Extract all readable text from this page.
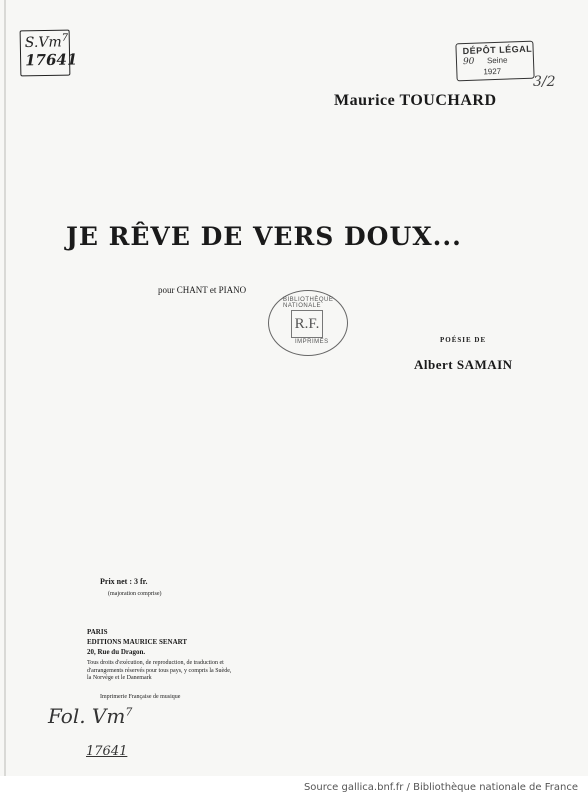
S.Vm$^7$
17641
DÉPÔT LÉGAL
90 Seine
1927
3/2
Maurice TOUCHARD
JE RÊVE DE VERS DOUX...
pour CHANT et PIANO
BIBLIOTHÈQUE NATIONALE
R.F.
IMPRIMÉS	POÉSIE DE
Albert SAMAIN
Prix net : 3 fr.
(majoration comprise)
PARIS
EDITIONS MAURICE SENART
20, Rue du Dragon.
Tous droits d'exécution, de reproduction, de traduction et d'arrangements réservés pour tous pays, y compris la Suède, la Norvège et le Danemark
Imprimerie Française de musique
Fol. Vm$^7$
17641
Source gallica.bnf.fr / Bibliothèque nationale de France
